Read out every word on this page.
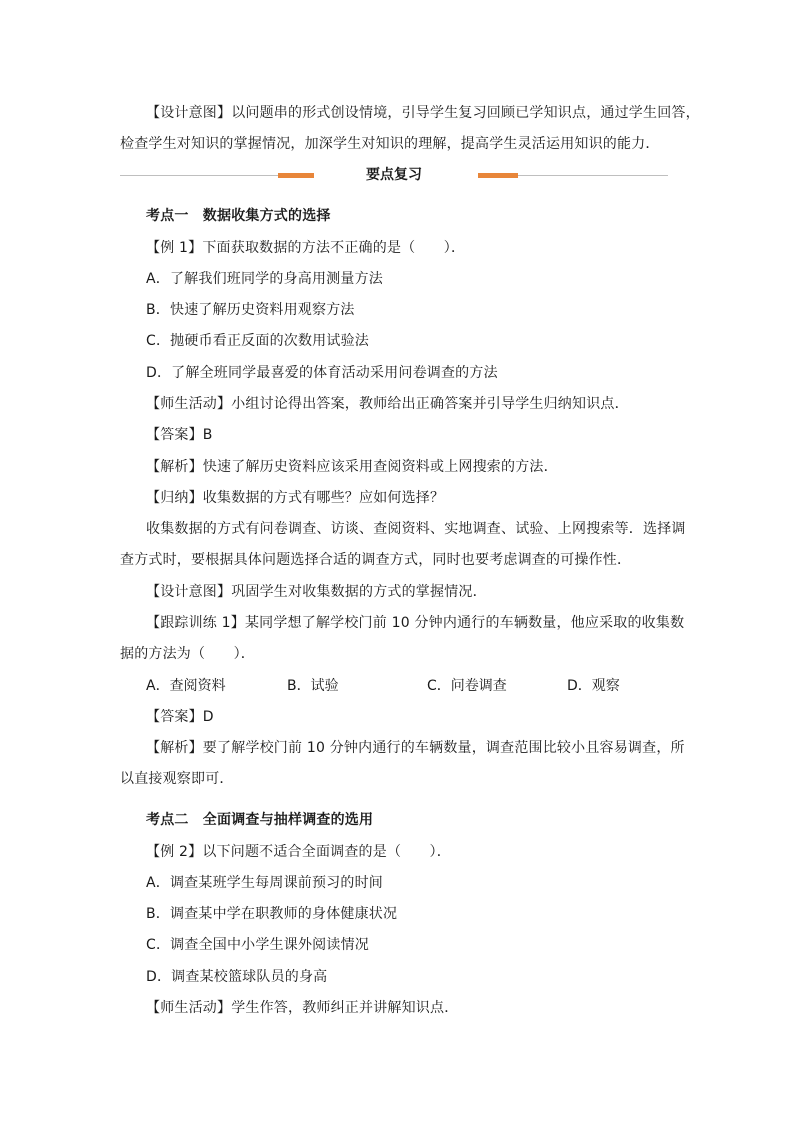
【设计意图】以问题串的形式创设情境，引导学生复习回顾已学知识点，通过学生回答，
检查学生对知识的掌握情况，加深学生对知识的理解，提高学生灵活运用知识的能力．
要点复习
考点一　数据收集方式的选择
【例 1】下面获取数据的方法不正确的是（　　）．
A．了解我们班同学的身高用测量方法
B．快速了解历史资料用观察方法
C．抛硬币看正反面的次数用试验法
D．了解全班同学最喜爱的体育活动采用问卷调查的方法
【师生活动】小组讨论得出答案，教师给出正确答案并引导学生归纳知识点．
【答案】B
【解析】快速了解历史资料应该采用查阅资料或上网搜索的方法．
【归纳】收集数据的方式有哪些？应如何选择？
收集数据的方式有问卷调查、访谈、查阅资料、实地调查、试验、上网搜索等．选择调
查方式时，要根据具体问题选择合适的调查方式，同时也要考虑调查的可操作性．
【设计意图】巩固学生对收集数据的方式的掌握情况．
【跟踪训练 1】某同学想了解学校门前 10 分钟内通行的车辆数量，他应采取的收集数
据的方法为（　　）．
A．查阅资料	B．试验	C．问卷调查	D．观察
【答案】D
【解析】要了解学校门前 10 分钟内通行的车辆数量，调查范围比较小且容易调查，所
以直接观察即可．
考点二　全面调查与抽样调查的选用
【例 2】以下问题不适合全面调查的是（　　）．
A．调查某班学生每周课前预习的时间
B．调查某中学在职教师的身体健康状况
C．调查全国中小学生课外阅读情况
D．调查某校篮球队员的身高
【师生活动】学生作答，教师纠正并讲解知识点．
